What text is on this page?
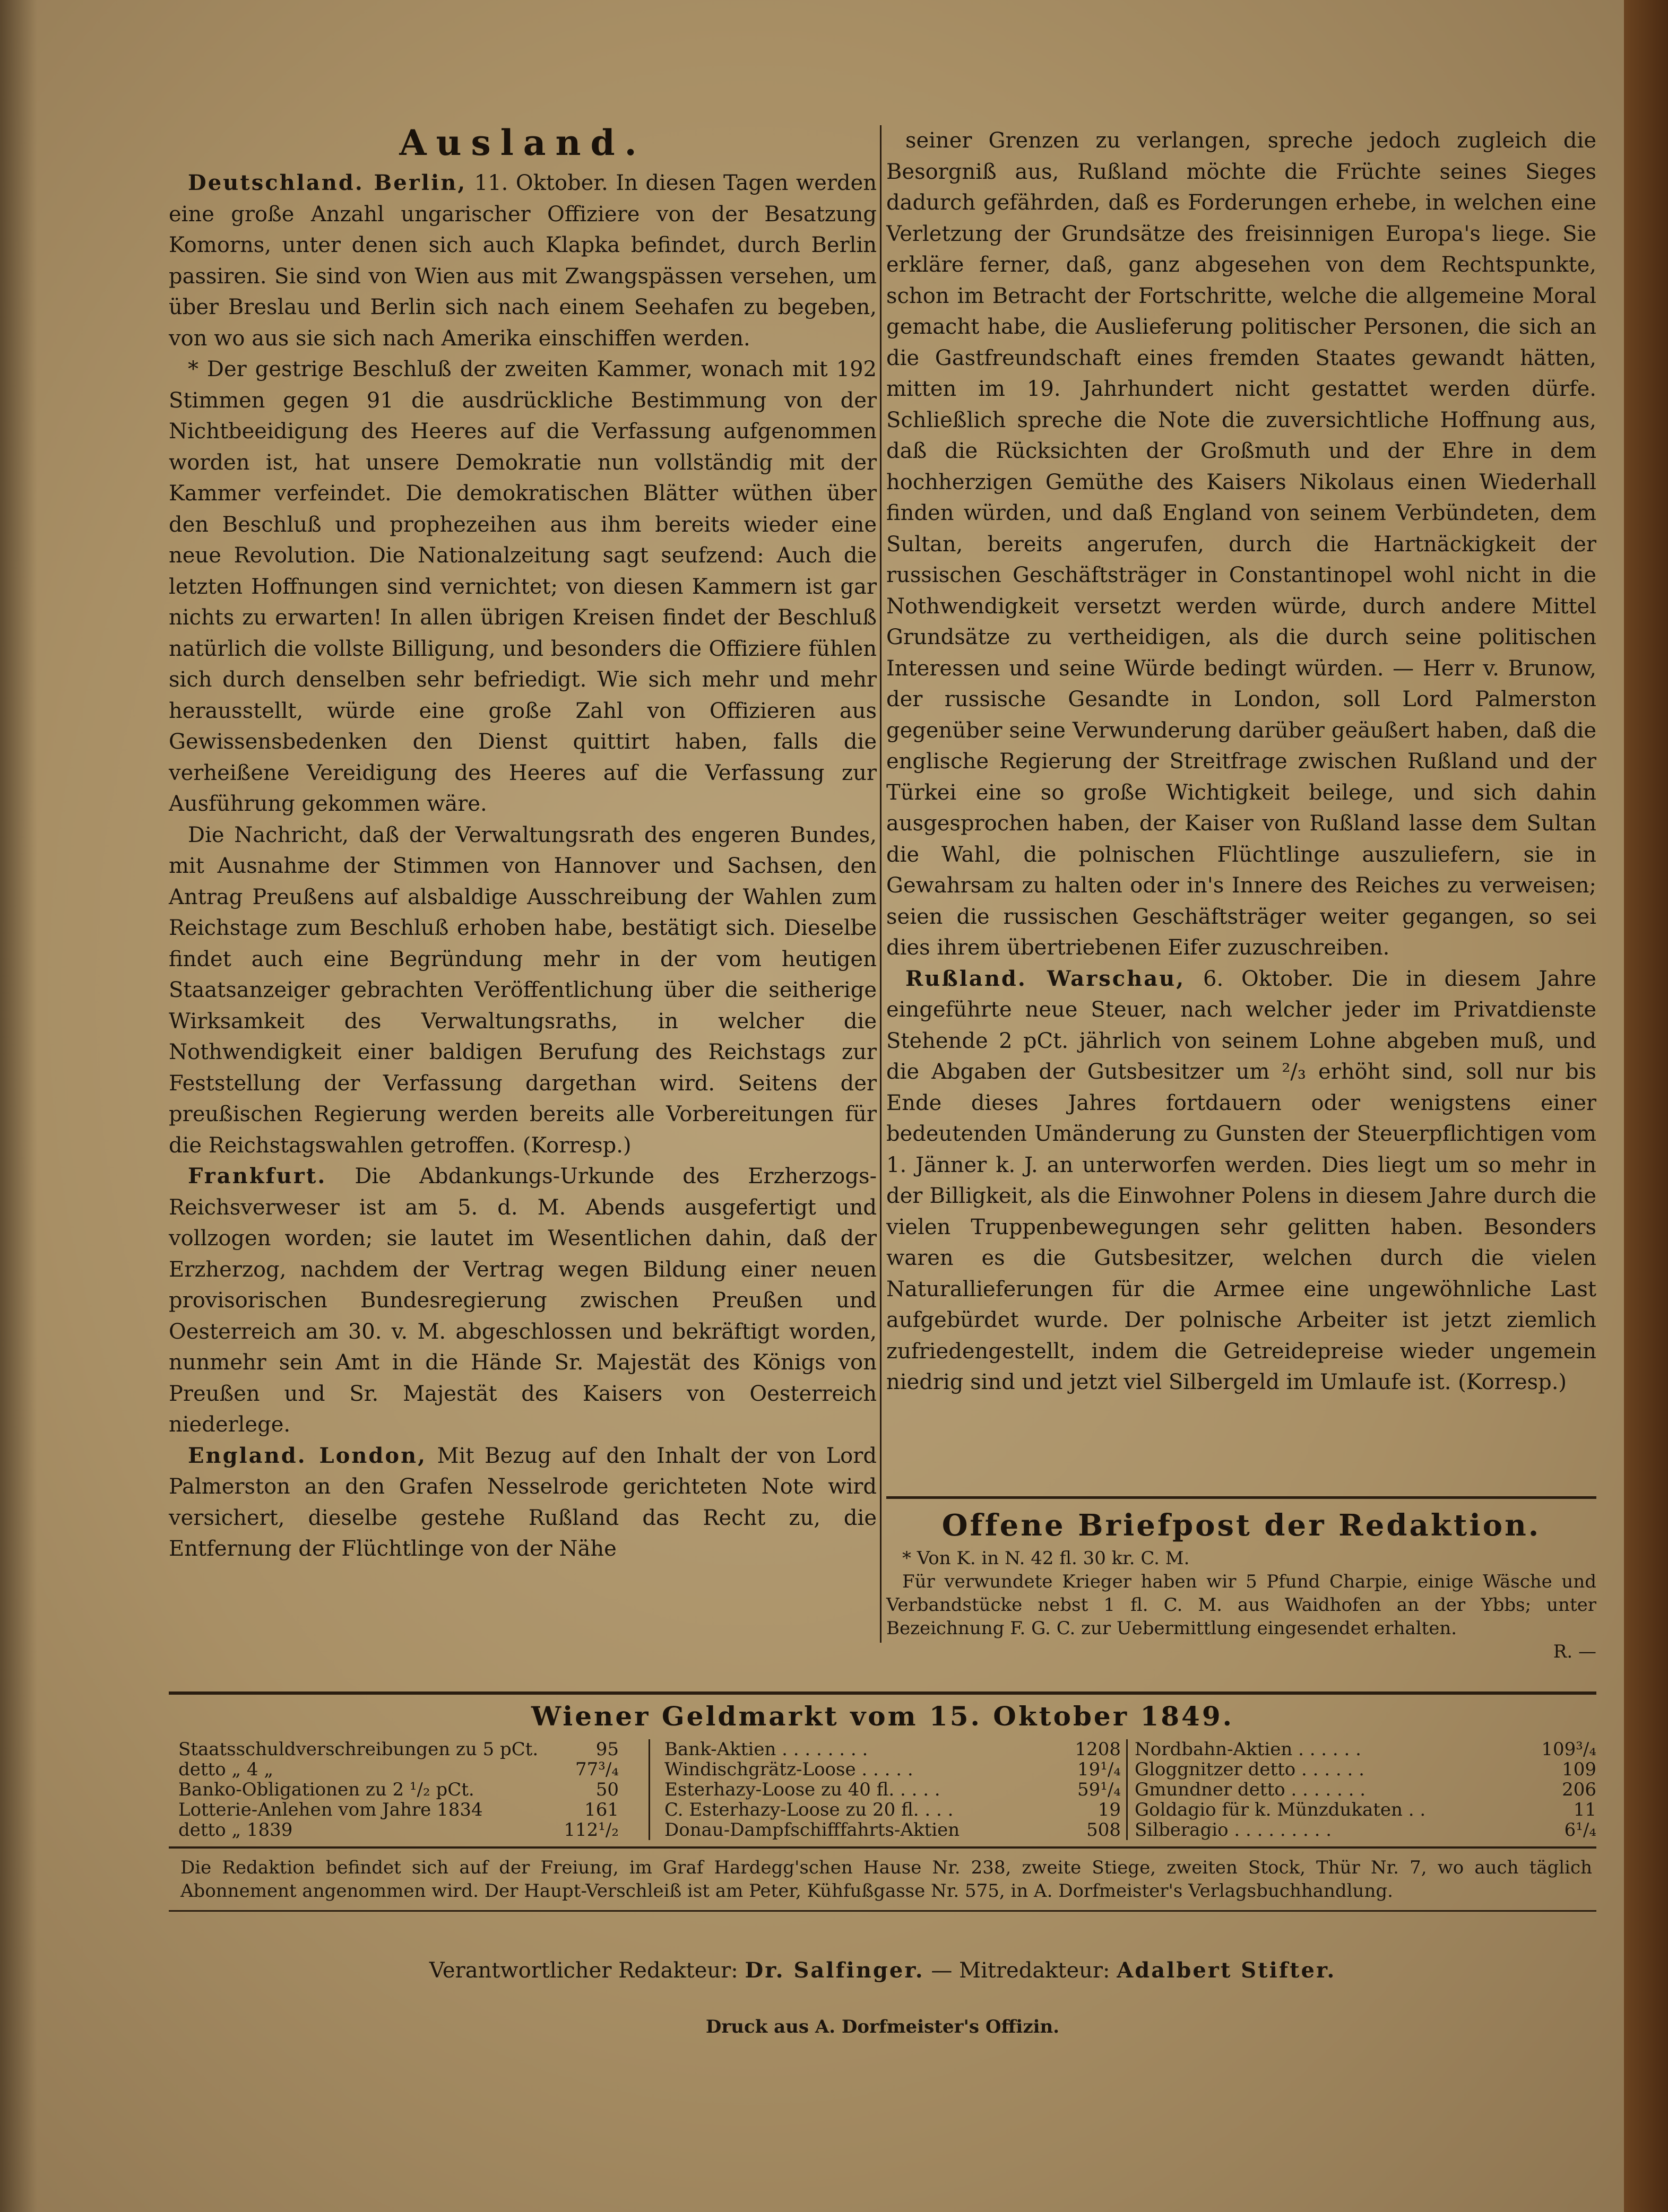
Ausland.

Deutschland. Berlin, 11. Oktober. In diesen Tagen werden eine große Anzahl ungarischer Offiziere von der Besatzung Komorns, unter denen sich auch Klapka befindet, durch Berlin passiren. Sie sind von Wien aus mit Zwangspässen versehen, um über Breslau und Berlin sich nach einem Seehafen zu begeben, von wo aus sie sich nach Amerika einschiffen werden.

* Der gestrige Beschluß der zweiten Kammer, wonach mit 192 Stimmen gegen 91 die ausdrückliche Bestimmung von der Nichtbeeidigung des Heeres auf die Verfassung aufgenommen worden ist, hat unsere Demokratie nun vollständig mit der Kammer verfeindet. Die demokratischen Blätter wüthen über den Beschluß und prophezeihen aus ihm bereits wieder eine neue Revolution. Die Nationalzeitung sagt seufzend: Auch die letzten Hoffnungen sind vernichtet; von diesen Kammern ist gar nichts zu erwarten! In allen übrigen Kreisen findet der Beschluß natürlich die vollste Billigung, und besonders die Offiziere fühlen sich durch denselben sehr befriedigt. Wie sich mehr und mehr herausstellt, würde eine große Zahl von Offizieren aus Gewissensbedenken den Dienst quittirt haben, falls die verheißene Vereidigung des Heeres auf die Verfassung zur Ausführung gekommen wäre.

Die Nachricht, daß der Verwaltungsrath des engeren Bundes, mit Ausnahme der Stimmen von Hannover und Sachsen, den Antrag Preußens auf alsbaldige Ausschreibung der Wahlen zum Reichstage zum Beschluß erhoben habe, bestätigt sich. Dieselbe findet auch eine Begründung mehr in der vom heutigen Staatsanzeiger gebrachten Veröffentlichung über die seitherige Wirksamkeit des Verwaltungsraths, in welcher die Nothwendigkeit einer baldigen Berufung des Reichstags zur Feststellung der Verfassung dargethan wird. Seitens der preußischen Regierung werden bereits alle Vorbereitungen für die Reichstagswahlen getroffen. (Korresp.)

Frankfurt. Die Abdankungs-Urkunde des Erzherzogs-Reichsverweser ist am 5. d. M. Abends ausgefertigt und vollzogen worden; sie lautet im Wesentlichen dahin, daß der Erzherzog, nachdem der Vertrag wegen Bildung einer neuen provisorischen Bundesregierung zwischen Preußen und Oesterreich am 30. v. M. abgeschlossen und bekräftigt worden, nunmehr sein Amt in die Hände Sr. Majestät des Königs von Preußen und Sr. Majestät des Kaisers von Oesterreich niederlege.

England. London, Mit Bezug auf den Inhalt der von Lord Palmerston an den Grafen Nesselrode gerichteten Note wird versichert, dieselbe gestehe Rußland das Recht zu, die Entfernung der Flüchtlinge von der Nähe

seiner Grenzen zu verlangen, spreche jedoch zugleich die Besorgniß aus, Rußland möchte die Früchte seines Sieges dadurch gefährden, daß es Forderungen erhebe, in welchen eine Verletzung der Grundsätze des freisinnigen Europa's liege. Sie erkläre ferner, daß, ganz abgesehen von dem Rechtspunkte, schon im Betracht der Fortschritte, welche die allgemeine Moral gemacht habe, die Auslieferung politischer Personen, die sich an die Gastfreundschaft eines fremden Staates gewandt hätten, mitten im 19. Jahrhundert nicht gestattet werden dürfe. Schließlich spreche die Note die zuversichtliche Hoffnung aus, daß die Rücksichten der Großmuth und der Ehre in dem hochherzigen Gemüthe des Kaisers Nikolaus einen Wiederhall finden würden, und daß England von seinem Verbündeten, dem Sultan, bereits angerufen, durch die Hartnäckigkeit der russischen Geschäftsträger in Constantinopel wohl nicht in die Nothwendigkeit versetzt werden würde, durch andere Mittel Grundsätze zu vertheidigen, als die durch seine politischen Interessen und seine Würde bedingt würden. — Herr v. Brunow, der russische Gesandte in London, soll Lord Palmerston gegenüber seine Verwunderung darüber geäußert haben, daß die englische Regierung der Streitfrage zwischen Rußland und der Türkei eine so große Wichtigkeit beilege, und sich dahin ausgesprochen haben, der Kaiser von Rußland lasse dem Sultan die Wahl, die polnischen Flüchtlinge auszuliefern, sie in Gewahrsam zu halten oder in's Innere des Reiches zu verweisen; seien die russischen Geschäftsträger weiter gegangen, so sei dies ihrem übertriebenen Eifer zuzuschreiben.

Rußland. Warschau, 6. Oktober. Die in diesem Jahre eingeführte neue Steuer, nach welcher jeder im Privatdienste Stehende 2 pCt. jährlich von seinem Lohne abgeben muß, und die Abgaben der Gutsbesitzer um ²/₃ erhöht sind, soll nur bis Ende dieses Jahres fortdauern oder wenigstens einer bedeutenden Umänderung zu Gunsten der Steuerpflichtigen vom 1. Jänner k. J. an unterworfen werden. Dies liegt um so mehr in der Billigkeit, als die Einwohner Polens in diesem Jahre durch die vielen Truppenbewegungen sehr gelitten haben. Besonders waren es die Gutsbesitzer, welchen durch die vielen Naturallieferungen für die Armee eine ungewöhnliche Last aufgebürdet wurde. Der polnische Arbeiter ist jetzt ziemlich zufriedengestellt, indem die Getreidepreise wieder ungemein niedrig sind und jetzt viel Silbergeld im Umlaufe ist. (Korresp.)

Offene Briefpost der Redaktion.

* Von K. in N. 42 fl. 30 kr. C. M.

Für verwundete Krieger haben wir 5 Pfund Charpie, einige Wäsche und Verbandstücke nebst 1 fl. C. M. aus Waidhofen an der Ybbs; unter Bezeichnung F. G. C. zur Uebermittlung eingesendet erhalten.

R. —
Wiener Geldmarkt vom 15. Oktober 1849.
Staatsschuldverschreibungen zu 5 pCt.	95
detto „ 4 „	77³/₄
Banko-Obligationen zu 2 ¹/₂ pCt.	50
Lotterie-Anlehen vom Jahre 1834	161
detto „ 1839	112¹/₂
Bank-Aktien . . . . . . . .	1208
Windischgrätz-Loose . . . . .	19¹/₄
Esterhazy-Loose zu 40 fl. . . . .	59¹/₄
C. Esterhazy-Loose zu 20 fl. . . .	19
Donau-Dampfschifffahrts-Aktien	508
Nordbahn-Aktien . . . . . .	109³/₄
Gloggnitzer detto . . . . . .	109
Gmundner detto . . . . . . .	206
Goldagio für k. Münzdukaten . .	11
Silberagio . . . . . . . . .	6¹/₄
Die Redaktion befindet sich auf der Freiung, im Graf Hardegg'schen Hause Nr. 238, zweite Stiege, zweiten Stock, Thür Nr. 7, wo auch täglich Abonnement angenommen wird. Der Haupt-Verschleiß ist am Peter, Kühfußgasse Nr. 575, in A. Dorfmeister's Verlagsbuchhandlung.
Verantwortlicher Redakteur: Dr. Salfinger. — Mitredakteur: Adalbert Stifter.
Druck aus A. Dorfmeister's Offizin.
